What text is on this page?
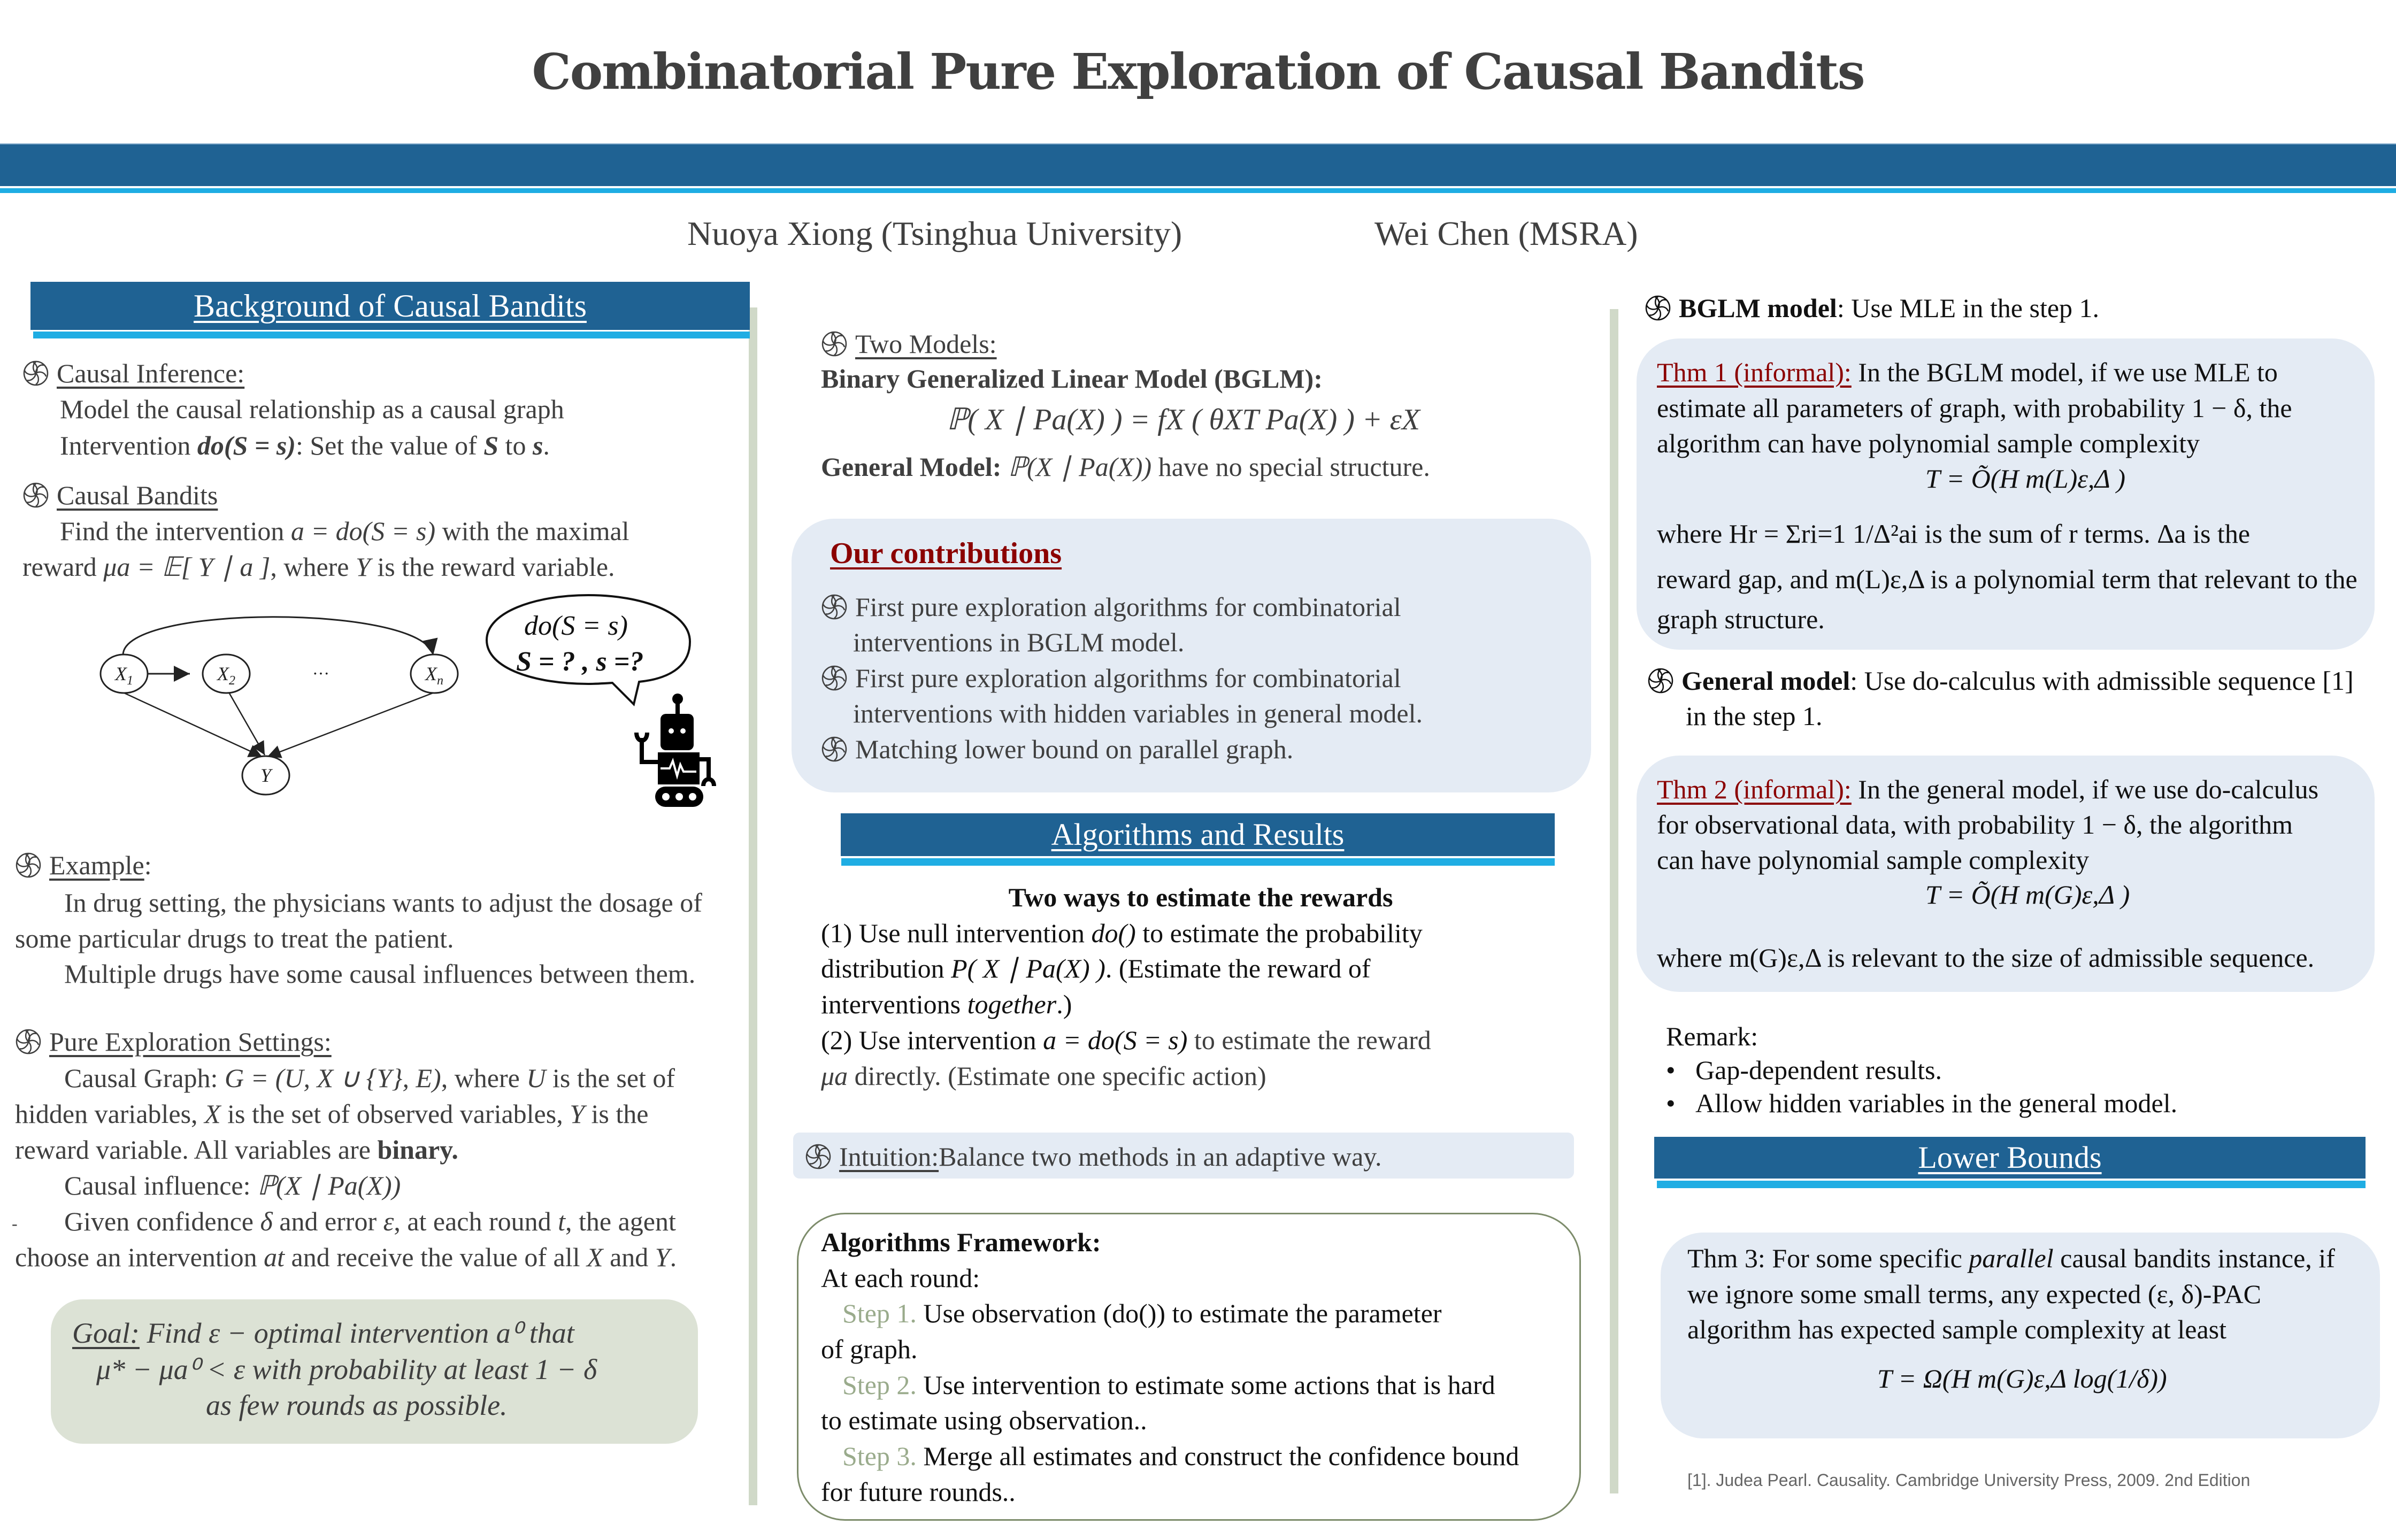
Combinatorial Pure Exploration of Causal Bandits
Nuoya Xiong (Tsinghua University)	Wei Chen (MSRA)
Background of Causal Bandits
Causal Inference:
Model the causal relationship as a causal graph
Intervention do(S = s): Set the value of S to s.
Causal Bandits
Find the intervention a = do(S = s) with the maximal
reward μa = 𝔼[ Y ∣ a ], where Y is the reward variable.
$X_1$	$X_2$	$X_n$
Y
···
do(S = s)
S = ? , s =?
Example:
In drug setting, the physicians wants to adjust the dosage of
some particular drugs to treat the patient.
Multiple drugs have some causal influences between them.
Pure Exploration Settings:
Causal Graph: G = (U, X ∪ {Y}, E), where U is the set of
hidden variables, X is the set of observed variables, Y is the
reward variable. All variables are binary.
Causal influence: ℙ(X ∣ Pa(X))
- Given confidence δ and error ε, at each round t, the agent
choose an intervention at and receive the value of all X and Y.
Goal: Find ε − optimal intervention a⁰ that
μ* − μa⁰ < ε with probability at least 1 − δ
as few rounds as possible.
Two Models:
Binary Generalized Linear Model (BGLM):
ℙ( X ∣ Pa(X) ) = fX ( θXT Pa(X) ) + εX
General Model: ℙ(X ∣ Pa(X)) have no special structure.
Our contributions
First pure exploration algorithms for combinatorial
interventions in BGLM model.
First pure exploration algorithms for combinatorial
interventions with hidden variables in general model.
Matching lower bound on parallel graph.
Algorithms and Results
Two ways to estimate the rewards
(1) Use null intervention do() to estimate the probability
distribution P( X ∣ Pa(X) ). (Estimate the reward of
interventions together.)
(2) Use intervention a = do(S = s) to estimate the reward
μa directly. (Estimate one specific action)
Intuition:Balance two methods in an adaptive way.
Algorithms Framework:
At each round:
Step 1. Use observation (do()) to estimate the parameter
of graph.
Step 2. Use intervention to estimate some actions that is hard
to estimate using observation..
Step 3. Merge all estimates and construct the confidence bound
for future rounds..
BGLM model: Use MLE in the step 1.
Thm 1 (informal): In the BGLM model, if we use MLE to
estimate all parameters of graph, with probability 1 − δ, the
algorithm can have polynomial sample complexity
T = Õ(H m(L)ε,Δ )
where Hr = Σri=1 1/Δ²ai is the sum of r terms. Δa is the
reward gap, and m(L)ε,Δ is a polynomial term that relevant to the
graph structure.
General model: Use do-calculus with admissible sequence [1]
in the step 1.
Thm 2 (informal): In the general model, if we use do-calculus
for observational data, with probability 1 − δ, the algorithm
can have polynomial sample complexity
T = Õ(H m(G)ε,Δ )
where m(G)ε,Δ is relevant to the size of admissible sequence.
Remark:
•   Gap-dependent results.
•   Allow hidden variables in the general model.
Lower Bounds
Thm 3: For some specific parallel causal bandits instance, if
we ignore some small terms, any expected (ε, δ)-PAC
algorithm has expected sample complexity at least
T = Ω(H m(G)ε,Δ log(1/δ))
[1]. Judea Pearl. Causality. Cambridge University Press, 2009. 2nd Edition
